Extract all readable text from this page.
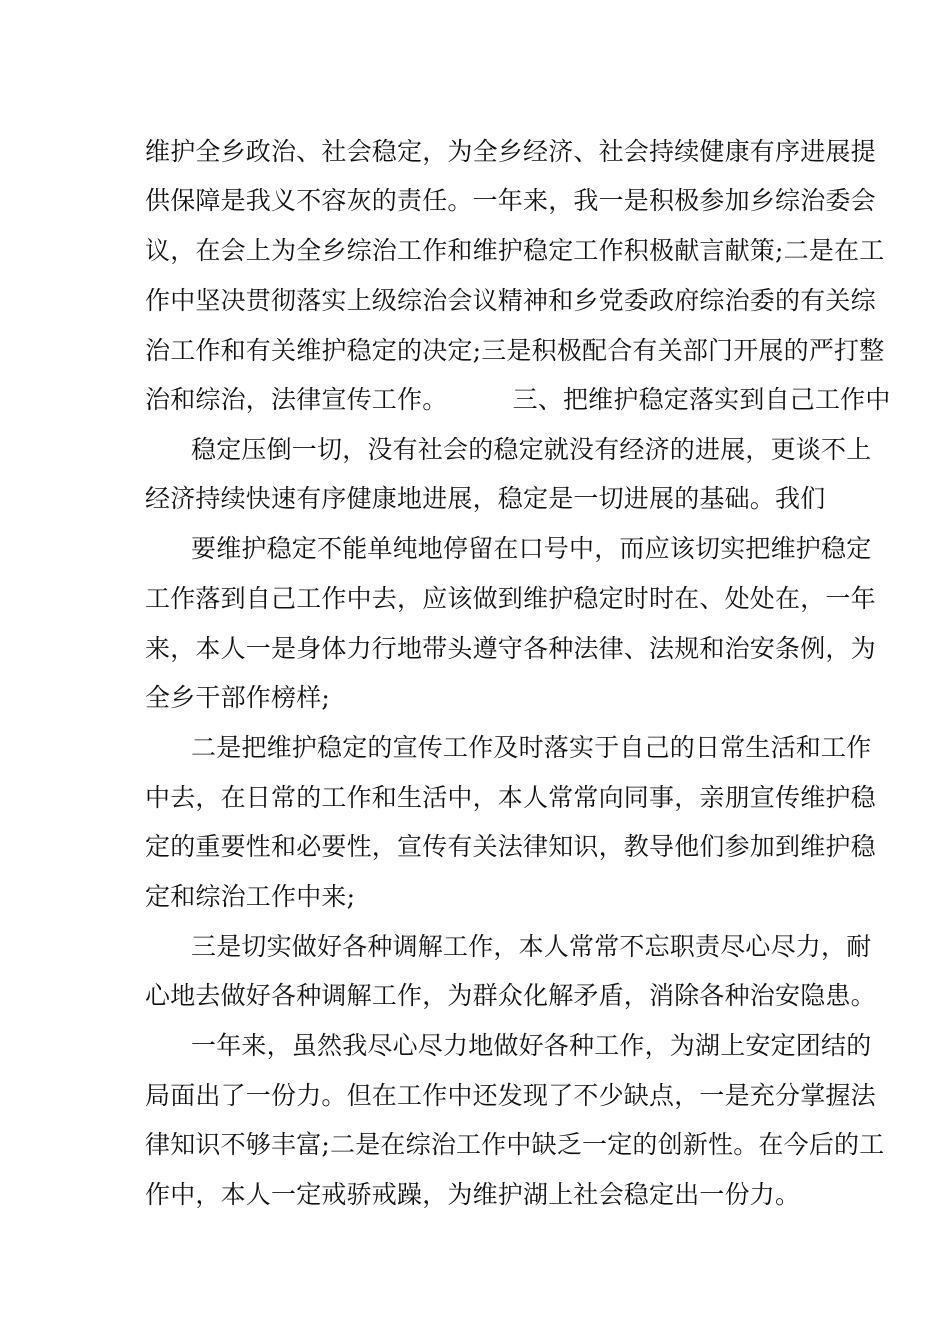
维护全乡政治、社会稳定，为全乡经济、社会持续健康有序进展提
供保障是我义不容灰的责任。一年来，我一是积极参加乡综治委会
议，在会上为全乡综治工作和维护稳定工作积极献言献策;二是在工
作中坚决贯彻落实上级综治会议精神和乡党委政府综治委的有关综
治工作和有关维护稳定的决定;三是积极配合有关部门开展的严打整
治和综治，法律宣传工作。        三、把维护稳定落实到自己工作中
稳定压倒一切，没有社会的稳定就没有经济的进展，更谈不上
经济持续快速有序健康地进展，稳定是一切进展的基础。我们
要维护稳定不能单纯地停留在口号中，而应该切实把维护稳定
工作落到自己工作中去，应该做到维护稳定时时在、处处在，一年
来，本人一是身体力行地带头遵守各种法律、法规和治安条例，为
全乡干部作榜样;
二是把维护稳定的宣传工作及时落实于自己的日常生活和工作
中去，在日常的工作和生活中，本人常常向同事，亲朋宣传维护稳
定的重要性和必要性，宣传有关法律知识，教导他们参加到维护稳
定和综治工作中来;
三是切实做好各种调解工作，本人常常不忘职责尽心尽力，耐
心地去做好各种调解工作，为群众化解矛盾，消除各种治安隐患。
一年来，虽然我尽心尽力地做好各种工作，为湖上安定团结的
局面出了一份力。但在工作中还发现了不少缺点，一是充分掌握法
律知识不够丰富;二是在综治工作中缺乏一定的创新性。在今后的工
作中，本人一定戒骄戒躁，为维护湖上社会稳定出一份力。
